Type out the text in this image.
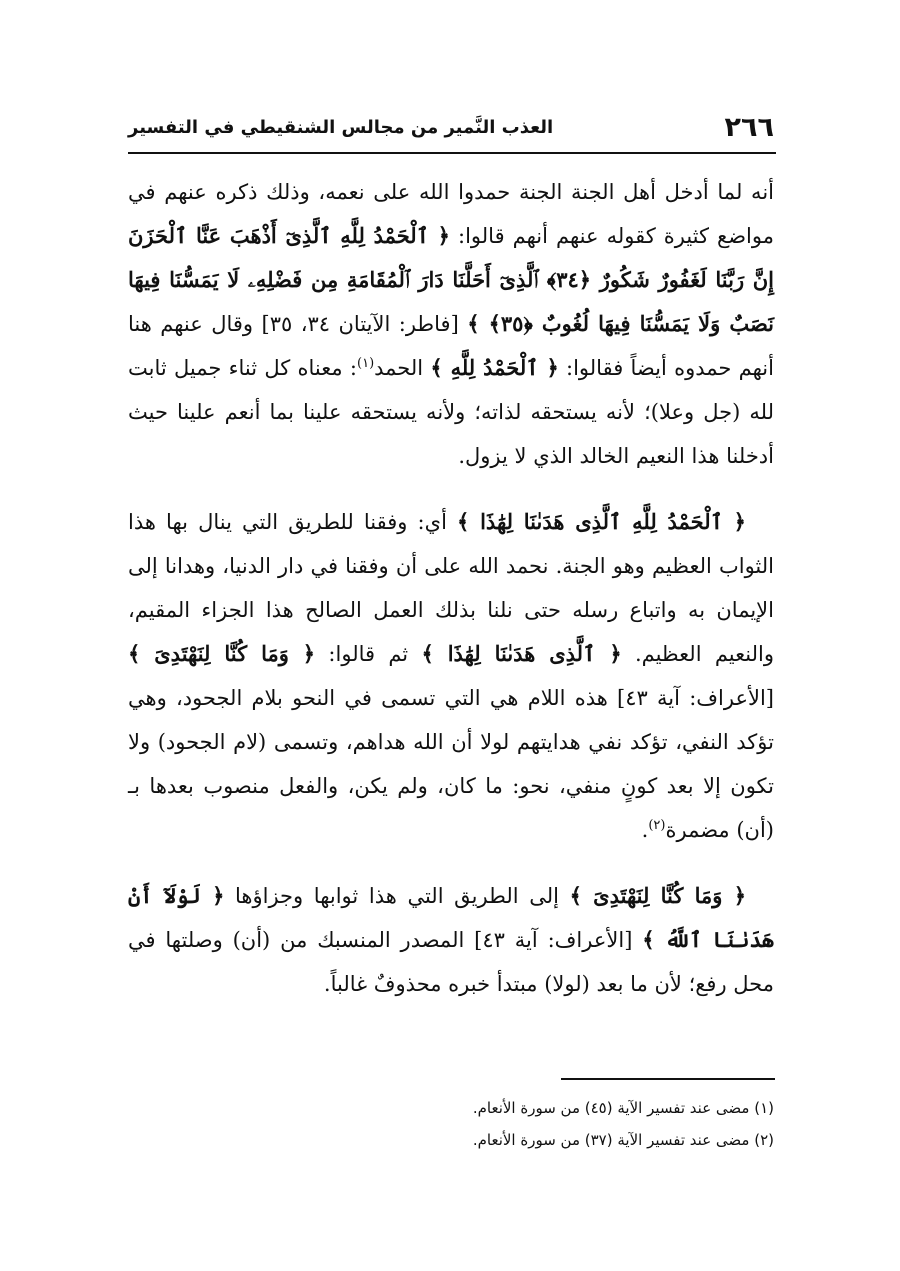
٢٦٦
العذب النَّمير من مجالس الشنقيطي في التفسير

أنه لما أدخل أهل الجنة الجنة حمدوا الله على نعمه، وذلك ذكره عنهم في مواضع كثيرة كقوله عنهم أنهم قالوا: ﴿ ٱلْحَمْدُ لِلَّهِ ٱلَّذِىٓ أَذْهَبَ عَنَّا ٱلْحَزَنَ إِنَّ رَبَّنَا لَغَفُورٌ شَكُورٌ ﴿٣٤﴾ ٱلَّذِىٓ أَحَلَّنَا دَارَ ٱلْمُقَامَةِ مِن فَضْلِهِۦ لَا يَمَسُّنَا فِيهَا نَصَبٌ وَلَا يَمَسُّنَا فِيهَا لُغُوبٌ ﴿٣٥﴾ ﴾ [فاطر: الآيتان ٣٤، ٣٥] وقال عنهم هنا أنهم حمدوه أيضاً فقالوا: ﴿ ٱلْحَمْدُ لِلَّهِ ﴾ الحمد$^{(١)}$: معناه كل ثناء جميل ثابت لله (جل وعلا)؛ لأنه يستحقه لذاته؛ ولأنه يستحقه علينا بما أنعم علينا حيث أدخلنا هذا النعيم الخالد الذي لا يزول.

﴿ ٱلْحَمْدُ لِلَّهِ ٱلَّذِى هَدَىٰنَا لِهَٰذَا ﴾ أي: وفقنا للطريق التي ينال بها هذا الثواب العظيم وهو الجنة. نحمد الله على أن وفقنا في دار الدنيا، وهدانا إلى الإيمان به واتباع رسله حتى نلنا بذلك العمل الصالح هذا الجزاء المقيم، والنعيم العظيم. ﴿ ٱلَّذِى هَدَىٰنَا لِهَٰذَا ﴾ ثم قالوا: ﴿ وَمَا كُنَّا لِنَهْتَدِىَ ﴾ [الأعراف: آية ٤٣] هذه اللام هي التي تسمى في النحو بلام الجحود، وهي تؤكد النفي، تؤكد نفي هدايتهم لولا أن الله هداهم، وتسمى (لام الجحود) ولا تكون إلا بعد كونٍ منفي، نحو: ما كان، ولم يكن، والفعل منصوب بعدها بـ (أن) مضمرة$^{(٢)}$.

﴿ وَمَا كُنَّا لِنَهْتَدِىَ ﴾ إلى الطريق التي هذا ثوابها وجزاؤها ﴿ لَوْلَآ أَنْ هَدَىٰنَا ٱللَّهُ ﴾ [الأعراف: آية ٤٣] المصدر المنسبك من (أن) وصلتها في محل رفع؛ لأن ما بعد (لولا) مبتدأ خبره محذوفٌ غالباً.

(١) مضى عند تفسير الآية (٤٥) من سورة الأنعام.

(٢) مضى عند تفسير الآية (٣٧) من سورة الأنعام.
